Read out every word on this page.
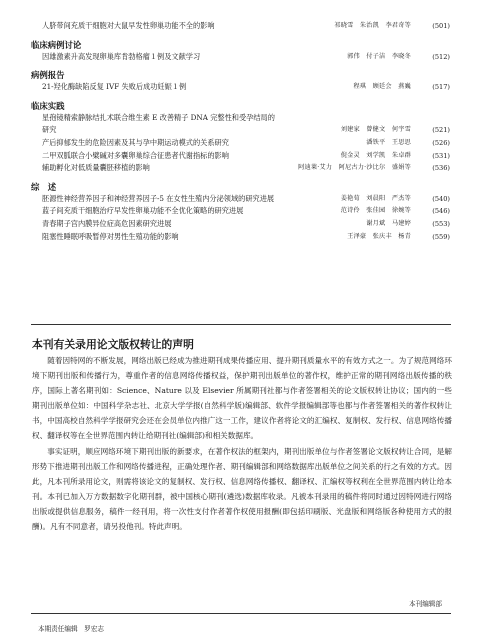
人脐带间充质干细胞对大鼠早发性卵巢功能不全的影响	祁晓雪　朱治凯　李君奇等	(501)
临床病例讨论
因雄激素升高发现卵巢库肯勃格瘤１例及文献学习	郭伟　付子洁　李晓冬	(512)
病例报告
21-羟化酶缺陷反复 IVF 失败后成功妊娠１例	程琪　顾廷会　燕巍	(517)
临床实践
星孢镜精索静脉结扎术联合维生素 E 改善精子 DNA 完整性和受孕结局的
研究	刘建家　曾健文　何宇雪	(521)
产后抑郁发生的危险因素及其与孕中期运动模式的关系研究	潘铁平　王思思	(526)
二甲双胍联合小檗碱对多囊卵巢综合征患者代谢指标的影响	倪金灵　刘学凯　朱卓群	(531)
辅助孵化对低质量囊胚移植的影响	阿迪莱·艾力　阿尼古力·沙比尔　盛娟等	(536)
综　述
胚源性神经营养因子和神经营养因子-5 在女性生殖内分泌领域的研究进展	姜艳荀　刘晨阳　严杰等	(540)
蓝子间充质干细胞治疗早发性卵巢功能不全优化策略的研究进展	范诗伶　张佳园　徐婉等	(546)
青春期子宫内膜异位症高危因素研究进展	谢月斌　马建婷	(553)
阻塞性睡眠呼吸暂停对男性生殖功能的影响	王泽豪　张庆丰　杨青	(559)
本刊有关录用论文版权转让的声明

随着因特网的不断发展，网络出版已经成为推进期刊成果传播应用、提升期刊质量水平的有效方式之一。为了规范网络环境下期刊出版和传播行为，尊重作者的信息网络传播权益，保护期刊出版单位的著作权，维护正常的期刊网络出版传播的秩序，国际上著名期刊如：Science、Nature 以及 Elsevier 所属期刊社都与作者签署相关的论文版权转让协议；国内的一些期刊出版单位如：中国科学杂志社、北京大学学报(自然科学版)编辑部、软件学报编辑部等也都与作者签署相关的著作权转让书，中国高校自然科学学报研究会还在会员单位内推广这一工作，建议作者将论文的汇编权、复制权、发行权、信息网络传播权、翻译权等在全世界范围内转让给期刊社(编辑部)和相关数据库。

事实证明，顺应网络环境下期刊出版的新要求，在著作权法的框架内，期刊出版单位与作者签署论文版权转让合同，是解形势下推进期刊出版工作和网络传播进程，正确处理作者、期刊编辑部和网络数据库出版单位之间关系的行之有效的方式。因此，凡本刊所录用论文，则需将该论文的复制权、发行权、信息网络传播权、翻译权、汇编权等权利在全世界范围内转让给本刊。本刊已加入万方数据数字化期刊群，被中国核心期刊(遴选)数据库收录。凡被本刊录用的稿件将同时通过因特网进行网络出版或提供信息服务，稿件一经刊用，将一次性支付作者著作权使用报酬(即包括印刷版、光盘版和网络版各种使用方式的报酬)。凡有不同意者，请另投他刊。特此声明。

本刊编辑部
本期责任编辑　罗宏志
